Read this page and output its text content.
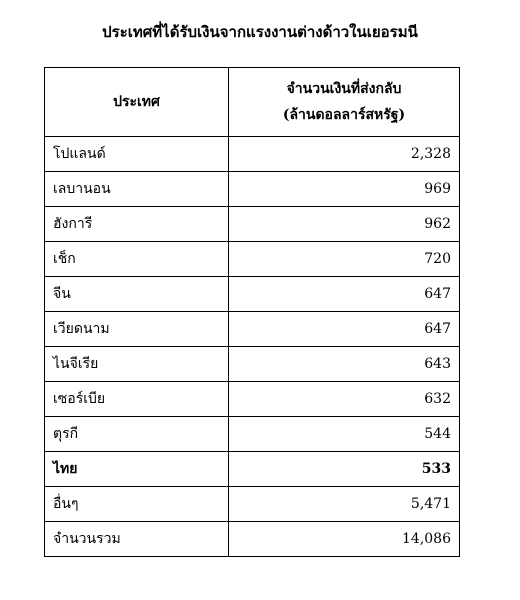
ประเทศที่ได้รับเงินจากแรงงานต่างด้าวในเยอรมนี
ประเทศ	จำนวนเงินที่ส่งกลับ
(ล้านดอลลาร์สหรัฐ)

โปแลนด์	2,328
เลบานอน	969
ฮังการี	962
เช็ก	720
จีน	647
เวียดนาม	647
ไนจีเรีย	643
เซอร์เบีย	632
ตุรกี	544
ไทย	533
อื่นๆ	5,471
จำนวนรวม	14,086
